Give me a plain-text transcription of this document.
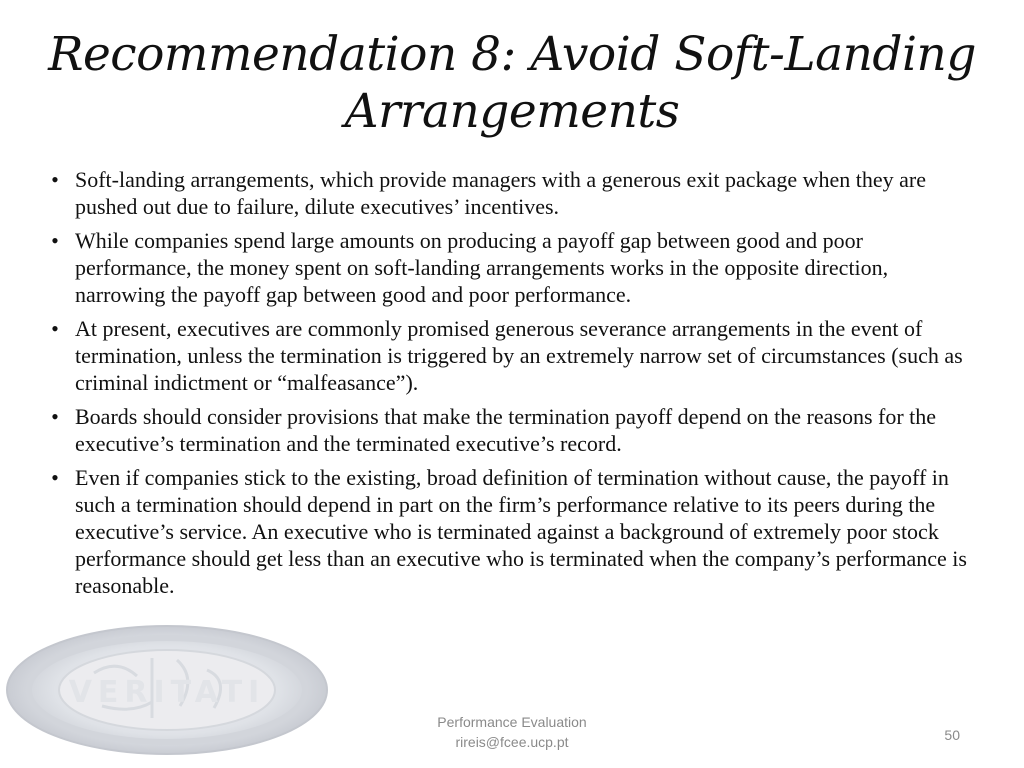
VERITATI
Recommendation 8: Avoid Soft-Landing Arrangements
• Soft-landing arrangements, which provide managers with a generous exit package when they are pushed out due to failure, dilute executives’ incentives.
• While companies spend large amounts on producing a payoff gap between good and poor performance, the money spent on soft-landing arrangements works in the opposite direction, narrowing the payoff gap between good and poor performance.
• At present, executives are commonly promised generous severance arrangements in the event of termination, unless the termination is triggered by an extremely narrow set of circumstances (such as criminal indictment or “malfeasance”).
• Boards should consider provisions that make the termination payoff depend on the reasons for the executive’s termination and the terminated executive’s record.
• Even if companies stick to the existing, broad definition of termination without cause, the payoff in such a termination should depend in part on the firm’s performance relative to its peers during the executive’s service. An executive who is terminated against a background of extremely poor stock performance should get less than an executive who is terminated when the company’s performance is reasonable.
Performance Evaluation
rireis@fcee.ucp.pt	50
